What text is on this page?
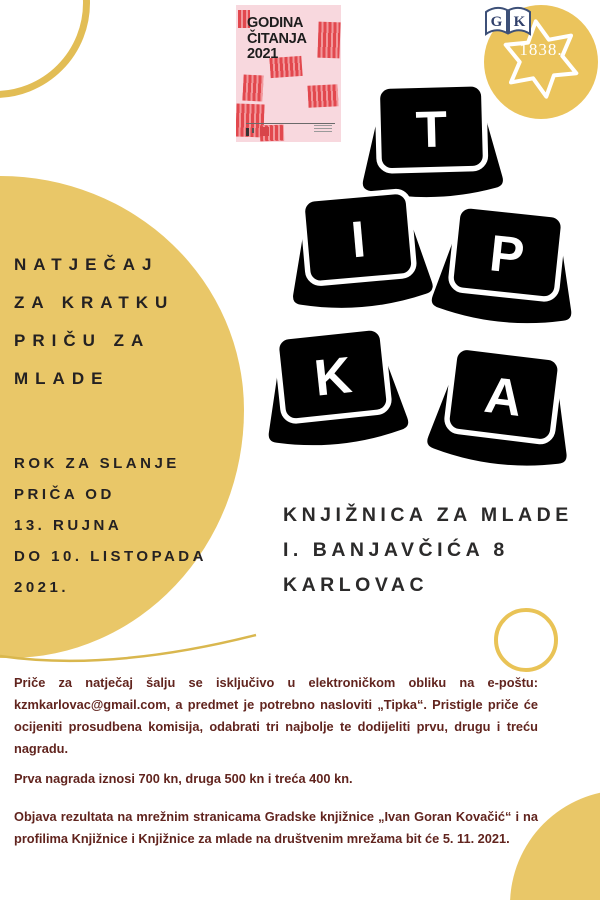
GODINA
ČITANJA
2021	1838.
G K
T
I P
K A
NATJEČAJ
ZA KRATKU
PRIČU ZA
MLADE
ROK ZA SLANJE
PRIČA OD
13. RUJNA
DO 10. LISTOPADA
2021.
KNJIŽNICA ZA MLADE
I. BANJAVČIĆA 8
KARLOVAC

Priče za natječaj šalju se isključivo u elektroničkom obliku na e-poštu: kzmkarlovac@gmail.com, a predmet je potrebno nasloviti „Tipka“. Pristigle priče će ocijeniti prosudbena komisija, odabrati tri najbolje te dodijeliti prvu, drugu i treću nagradu.

Prva nagrada iznosi 700 kn, druga 500 kn i treća 400 kn.

Objava rezultata na mrežnim stranicama Gradske knjižnice „Ivan Goran Kovačić“ i na profilima Knjižnice i Knjižnice za mlade na društvenim mrežama bit će 5. 11. 2021.
